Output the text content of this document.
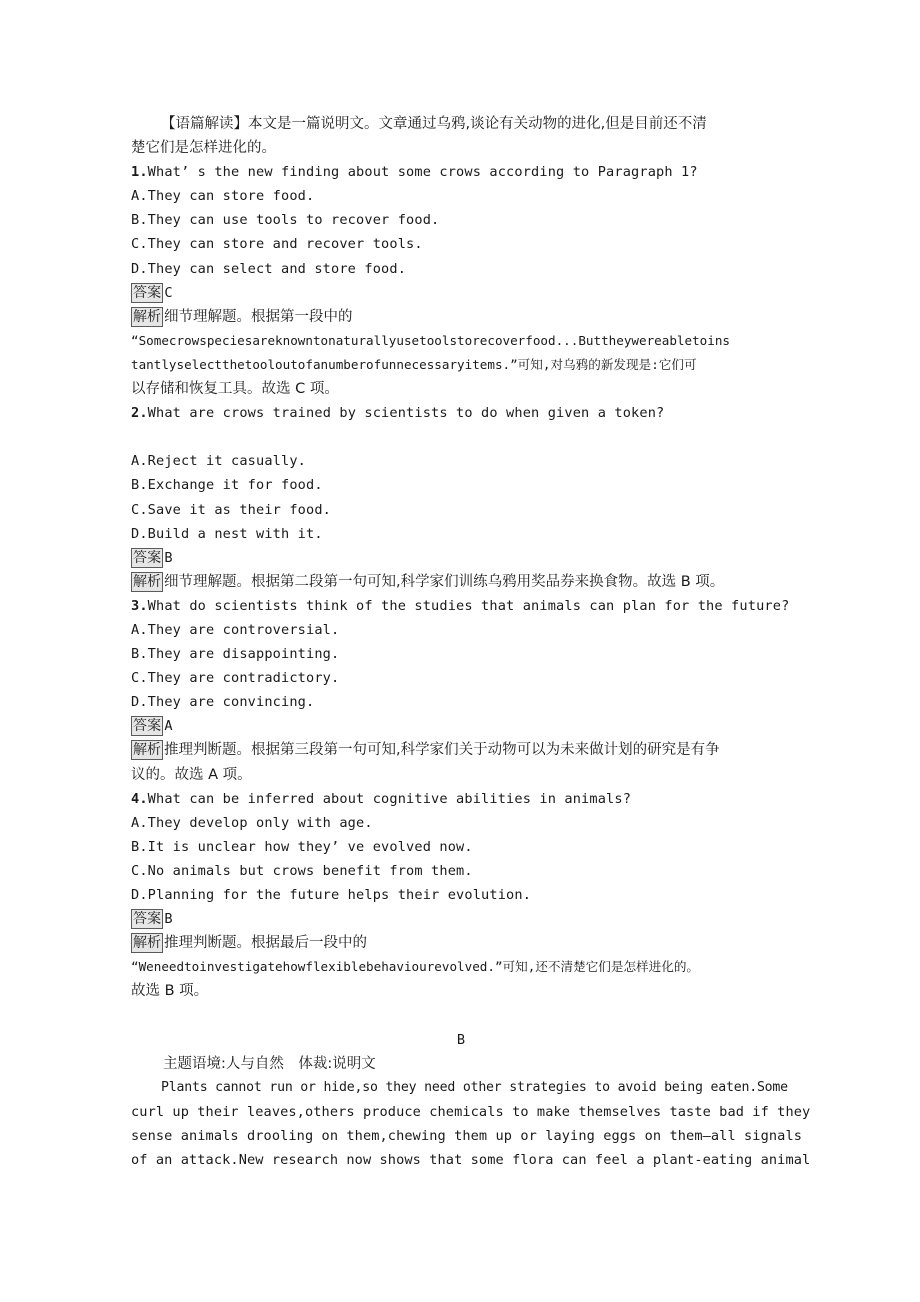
【语篇解读】本文是一篇说明文。文章通过乌鸦,谈论有关动物的进化,但是目前还不清
楚它们是怎样进化的。
1.What’ s the new finding about some crows according to Paragraph 1?
A.They can store food.
B.They can use tools to recover food.
C.They can store and recover tools.
D.They can select and store food.
答案 C
解析 细节理解题。根据第一段中的
“Somecrowspeciesareknowntonaturallyusetoolstorecoverfood...Buttheywereabletoins
tantlyselectthetooloutofanumberofunnecessaryitems.”可知,对乌鸦的新发现是:它们可
以存储和恢复工具。故选 C 项。
2.What are crows trained by scientists to do when given a token?
A.Reject it casually.
B.Exchange it for food.
C.Save it as their food.
D.Build a nest with it.
答案 B
解析 细节理解题。根据第二段第一句可知,科学家们训练乌鸦用奖品券来换食物。故选 B 项。
3.What do scientists think of the studies that animals can plan for the future?
A.They are controversial.
B.They are disappointing.
C.They are contradictory.
D.They are convincing.
答案 A
解析 推理判断题。根据第三段第一句可知,科学家们关于动物可以为未来做计划的研究是有争
议的。故选 A 项。
4.What can be inferred about cognitive abilities in animals?
A.They develop only with age.
B.It is unclear how they’ ve evolved now.
C.No animals but crows benefit from them.
D.Planning for the future helps their evolution.
答案 B
解析 推理判断题。根据最后一段中的
“Weneedtoinvestigatehowflexiblebehaviourevolved.”可知,还不清楚它们是怎样进化的。
故选 B 项。
B
主题语境:人与自然　体裁:说明文
Plants cannot run or hide,so they need other strategies to avoid being eaten.Some
curl up their leaves,others produce chemicals to make themselves taste bad if they
sense animals drooling on them,chewing them up or laying eggs on them—all signals
of an attack.New research now shows that some flora can feel a plant-eating animal
